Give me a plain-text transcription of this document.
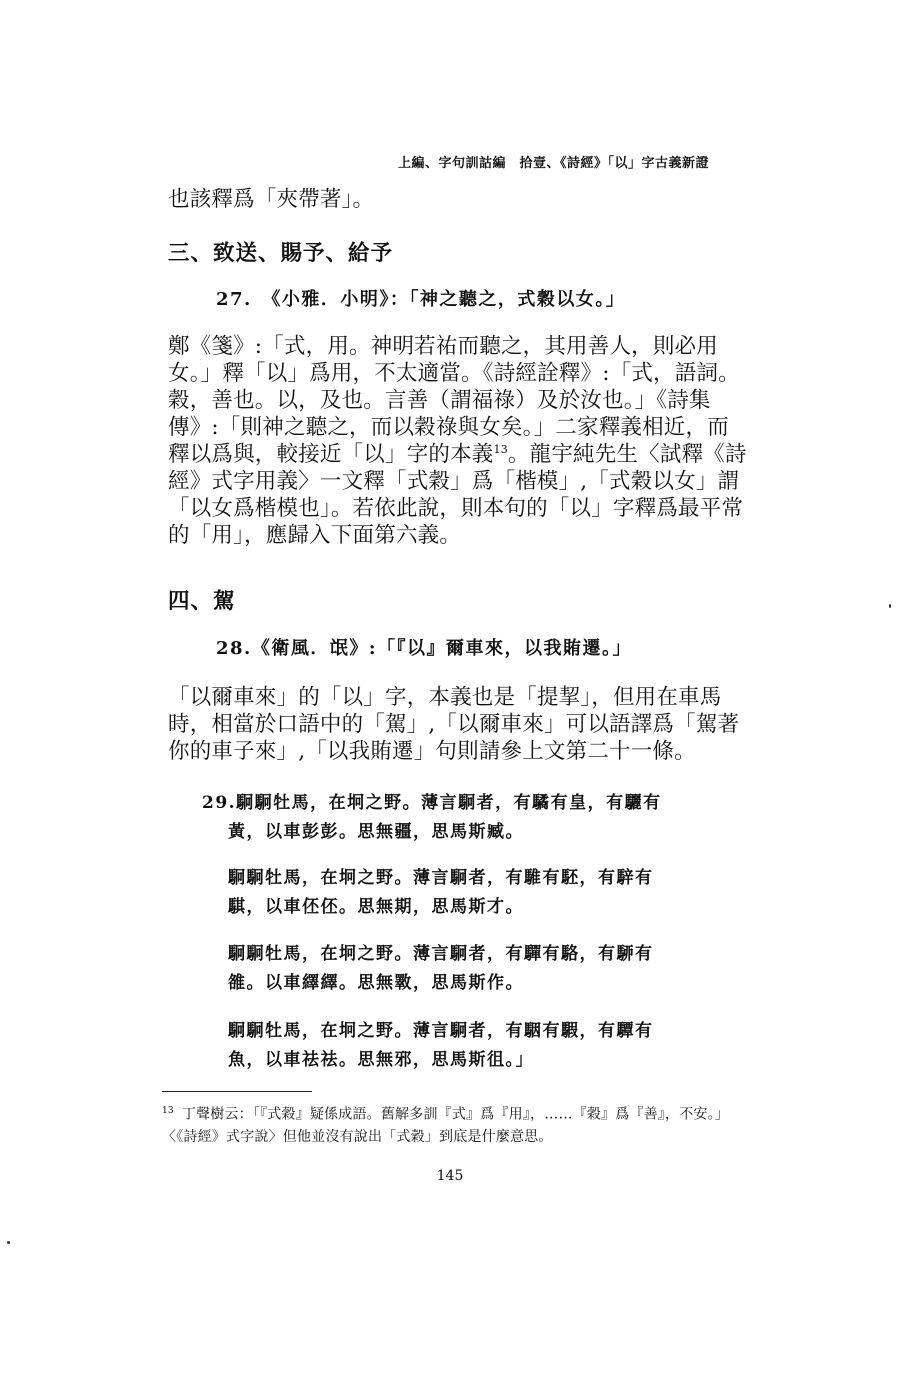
上編、字句訓詁編　拾壹、《詩經》「以」字古義新證
也該釋爲「夾帶著」。
三、致送、賜予、給予
27.　《小雅．小明》：「神之聽之，式穀以女。」
鄭《箋》:「式，用。神明若祐而聽之，其用善人，則必用女。」釋「以」爲用，不太適當。《詩經詮釋》:「式，語詞。穀，善也。以，及也。言善（謂福祿）及於汝也。」《詩集傳》:「則神之聽之，而以穀祿與女矣。」二家釋義相近，而釋以爲與，較接近「以」字的本義$^{13}$。龍宇純先生〈試釋《詩經》式字用義〉一文釋「式穀」爲「楷模」,「式穀以女」謂「以女爲楷模也」。若依此說，則本句的「以」字釋爲最平常的「用」，應歸入下面第六義。
四、駕
28.《衛風．氓》:「『以』爾車來，以我賄遷。」
「以爾車來」的「以」字，本義也是「提挈」，但用在車馬時，相當於口語中的「駕」,「以爾車來」可以語譯爲「駕著你的車子來」,「以我賄遷」句則請參上文第二十一條。
29.駉駉牡馬，在坰之野。薄言駉者，有驈有皇，有驪有
黃，以車彭彭。思無疆，思馬斯臧。
駉駉牡馬，在坰之野。薄言駉者，有騅有駓，有騂有
騏，以車伾伾。思無期，思馬斯才。
駉駉牡馬，在坰之野。薄言駉者，有驒有駱，有駵有
雒。以車繹繹。思無斁，思馬斯作。
駉駉牡馬，在坰之野。薄言駉者，有駰有騢，有驔有
魚，以車祛祛。思無邪，思馬斯徂。」
$^{13}$ 丁聲樹云：「『式穀』疑係成語。舊解多訓『式』爲『用』，……『穀』爲『善』，不安。」〈《詩經》式字說〉但他並沒有說出「式穀」到底是什麼意思。
145
